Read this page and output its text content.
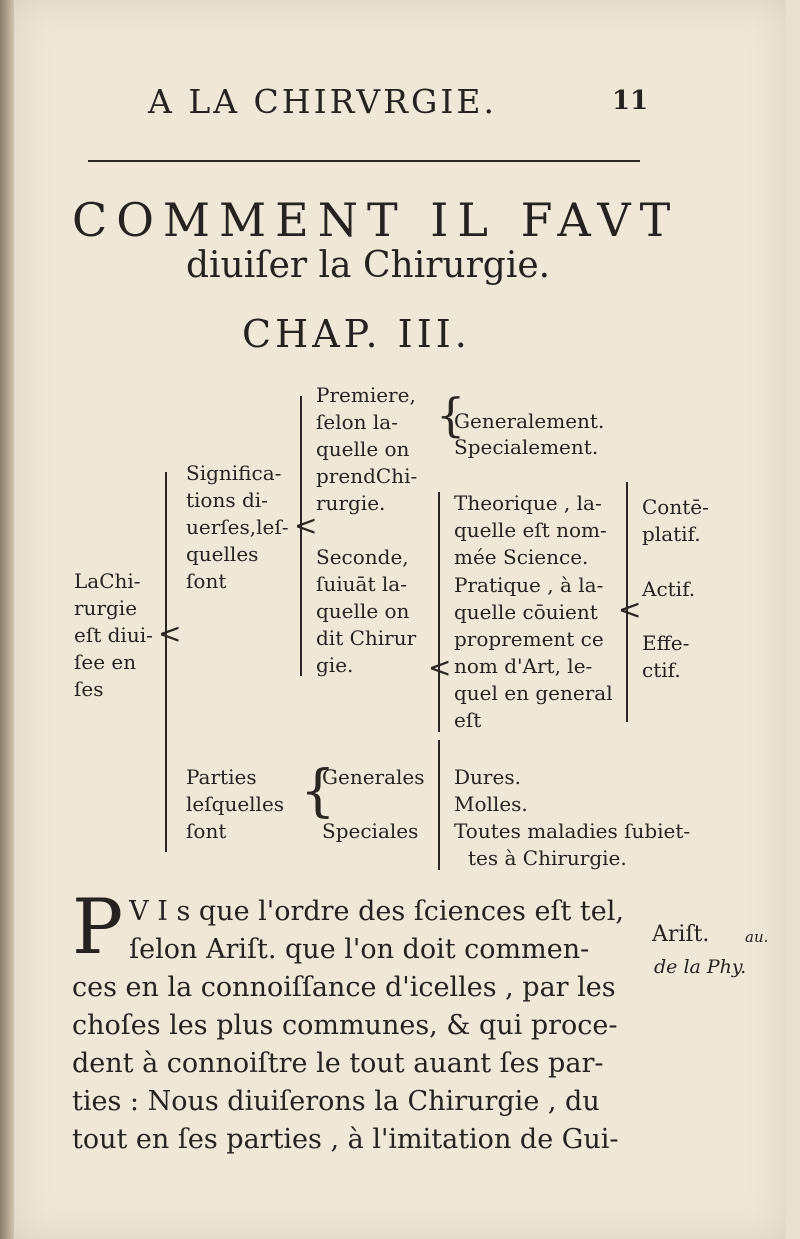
A LA CHIRVRGIE.	11
COMMENT IL FAVT
diuiſer la Chirurgie.
CHAP. III.
LaChi-
rurgie
eſt diui-
ſee en
ſes
<
Significa-
tions di-
uerſes,leſ-
quelles
ſont
<
Premiere,
ſelon la-
quelle on
prendChi-
rurgie.
{
Generalement.
Specialement.
Seconde,
ſuiuāt la-
quelle on
dit Chirur
gie.	<
Theorique , la-
quelle eſt nom-
mée Science.
Pratique , à la-
quelle cōuient
proprement ce
nom d'Art, le-
quel en general
eſt
<
Contē-
platif.
Actif.
Effe-
ctif.
Parties
leſquelles
ſont
{
Generales
Speciales
Dures.
Molles.
Toutes maladies ſubiet-
tes à Chirurgie.
P V I s que l'ordre des ſciences eſt tel,

ſelon Ariſt. que l'on doit commen-

ces en la connoiſſance d'icelles , par les

choſes les plus communes, & qui proce-

dent à connoiſtre le tout auant ſes par-

ties : Nous diuiſerons la Chirurgie , du

tout en ſes parties , à l'imitation de Gui-

Ariſt.
de la Phy.
au.
